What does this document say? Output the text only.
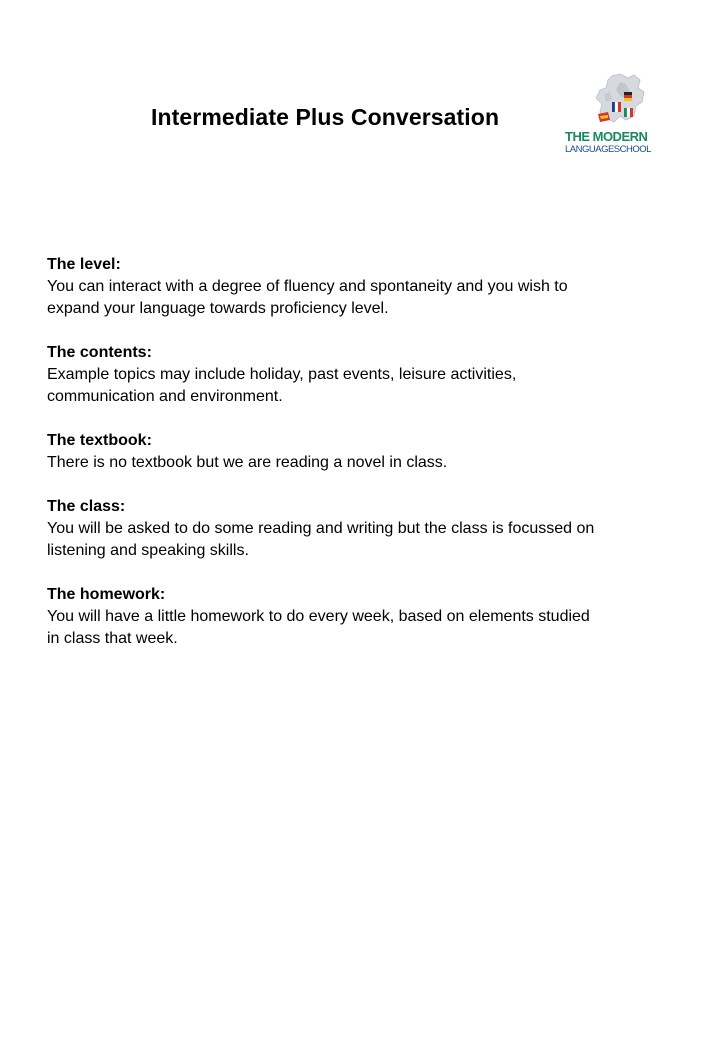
Intermediate Plus Conversation
THE MODERN
LANGUAGESCHOOL
The level:
You can interact with a degree of fluency and spontaneity and you wish to
expand your language towards proficiency level.
The contents:
Example topics may include holiday, past events, leisure activities,
communication and environment.
The textbook:
There is no textbook but we are reading a novel in class.
The class:
You will be asked to do some reading and writing but the class is focussed on
listening and speaking skills.
The homework:
You will have a little homework to do every week, based on elements studied
in class that week.
